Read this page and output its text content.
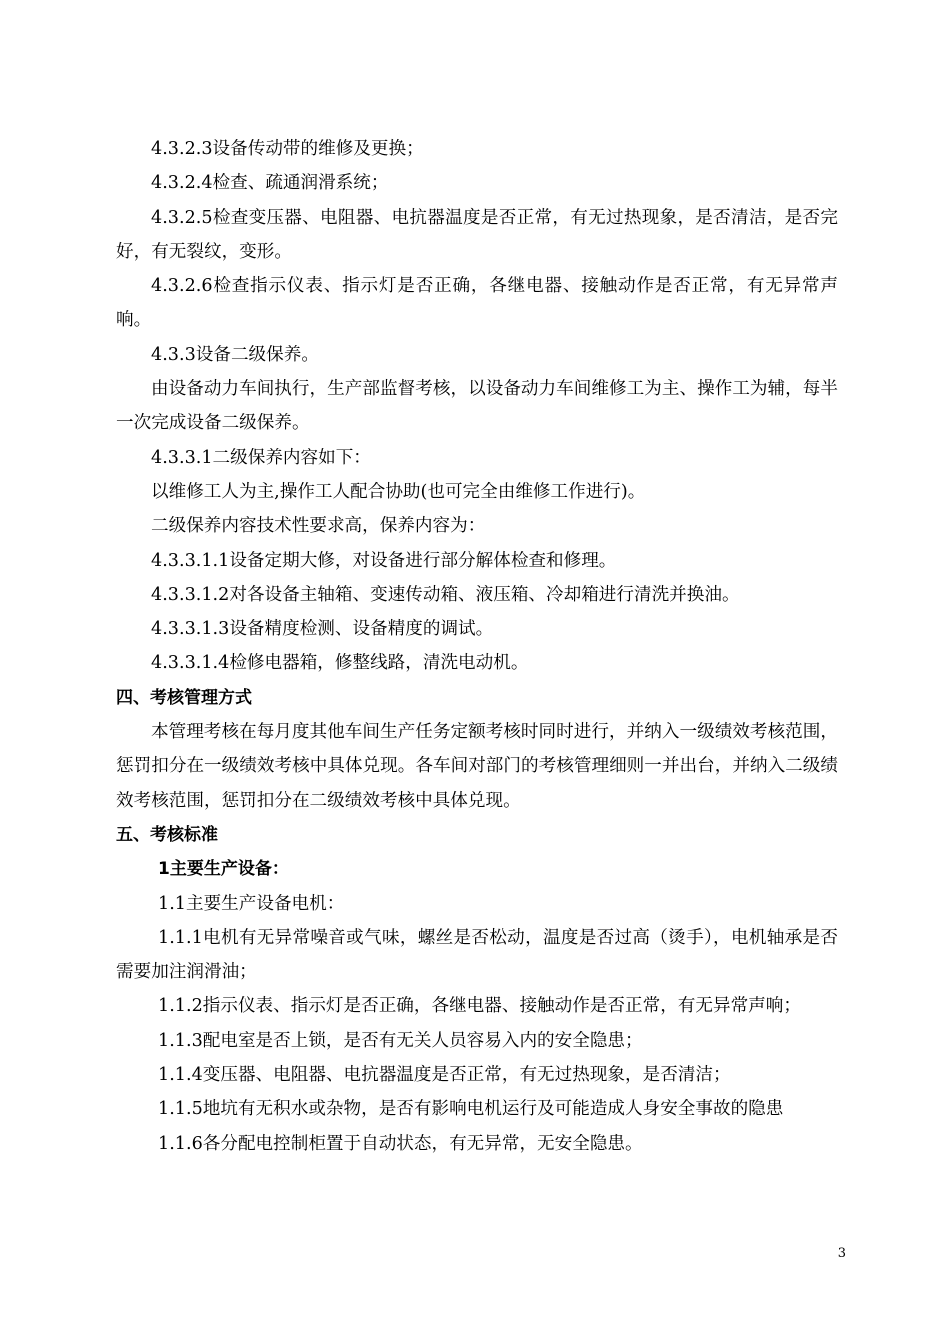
4.3.2.3设备传动带的维修及更换；

4.3.2.4检查、疏通润滑系统；

4.3.2.5检查变压器、电阻器、电抗器温度是否正常，有无过热现象，是否清洁，是否完好，有无裂纹，变形。

4.3.2.6检查指示仪表、指示灯是否正确，各继电器、接触动作是否正常，有无异常声响。

4.3.3设备二级保养。

由设备动力车间执行，生产部监督考核，以设备动力车间维修工为主、操作工为辅，每半一次完成设备二级保养。

4.3.3.1二级保养内容如下：

以维修工人为主,操作工人配合协助(也可完全由维修工作进行)。

二级保养内容技术性要求高，保养内容为：

4.3.3.1.1设备定期大修，对设备进行部分解体检查和修理。

4.3.3.1.2对各设备主轴箱、变速传动箱、液压箱、冷却箱进行清洗并换油。

4.3.3.1.3设备精度检测、设备精度的调试。

4.3.3.1.4检修电器箱，修整线路，清洗电动机。

四、考核管理方式

本管理考核在每月度其他车间生产任务定额考核时同时进行，并纳入一级绩效考核范围，惩罚扣分在一级绩效考核中具体兑现。各车间对部门的考核管理细则一并出台，并纳入二级绩效考核范围，惩罚扣分在二级绩效考核中具体兑现。

五、考核标准

1主要生产设备：

1.1主要生产设备电机：

1.1.1电机有无异常噪音或气味，螺丝是否松动，温度是否过高（烫手），电机轴承是否需要加注润滑油；

1.1.2指示仪表、指示灯是否正确，各继电器、接触动作是否正常，有无异常声响；

1.1.3配电室是否上锁，是否有无关人员容易入内的安全隐患；

1.1.4变压器、电阻器、电抗器温度是否正常，有无过热现象，是否清洁；

1.1.5地坑有无积水或杂物，是否有影响电机运行及可能造成人身安全事故的隐患

1.1.6各分配电控制柜置于自动状态，有无异常，无安全隐患。

3
